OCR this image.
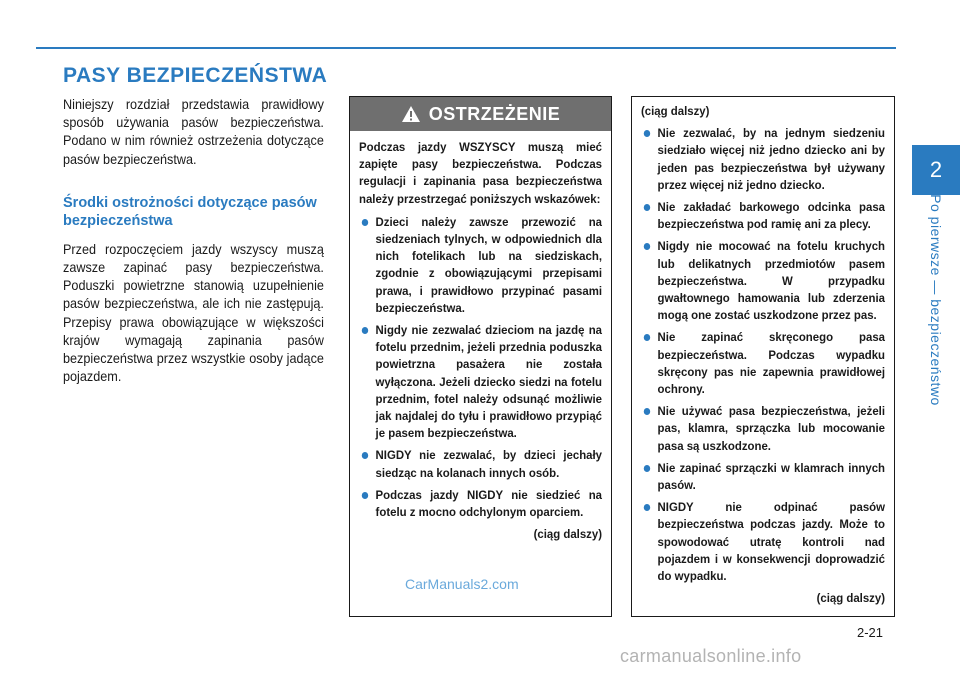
2
Po pierwsze — bezpieczeństwo
PASY BEZPIECZEŃSTWA

Niniejszy rozdział przedstawia prawidłowy sposób używania pasów bezpieczeństwa. Podano w nim również ostrzeżenia dotyczące pasów bezpieczeństwa.

Środki ostrożności dotyczące pasów bezpieczeństwa

Przed rozpoczęciem jazdy wszyscy muszą zawsze zapinać pasy bezpieczeństwa. Poduszki powietrzne stanowią uzupełnienie pasów bezpieczeństwa, ale ich nie zastępują. Przepisy prawa obowiązujące w większości krajów wymagają zapinania pasów bezpieczeństwa przez wszystkie osoby jadące pojazdem.

OSTRZEŻENIE

Podczas jazdy WSZYSCY muszą mieć zapięte pasy bezpieczeństwa. Podczas regulacji i zapinania pasa bezpieczeństwa należy przestrzegać poniższych wskazówek:

Dzieci należy zawsze przewozić na siedzeniach tylnych, w odpowiednich dla nich fotelikach lub na siedziskach, zgodnie z obowiązującymi przepisami prawa, i prawidłowo przypinać pasami bezpieczeństwa.
Nigdy nie zezwalać dzieciom na jazdę na fotelu przednim, jeżeli przednia poduszka powietrzna pasażera nie została wyłączona. Jeżeli dziecko siedzi na fotelu przednim, fotel należy odsunąć możliwie jak najdalej do tyłu i prawidłowo przypiąć je pasem bezpieczeństwa.
NIGDY nie zezwalać, by dzieci jechały siedząc na kolanach innych osób.
Podczas jazdy NIGDY nie siedzieć na fotelu z mocno odchylonym oparciem.
(ciąg dalszy)
(ciąg dalszy)
Nie zezwalać, by na jednym siedzeniu siedziało więcej niż jedno dziecko ani by jeden pas bezpieczeństwa był używany przez więcej niż jedno dziecko.
Nie zakładać barkowego odcinka pasa bezpieczeństwa pod ramię ani za plecy.
Nigdy nie mocować na fotelu kruchych lub delikatnych przedmiotów pasem bezpieczeństwa. W przypadku gwałtownego hamowania lub zderzenia mogą one zostać uszkodzone przez pas.
Nie zapinać skręconego pasa bezpieczeństwa. Podczas wypadku skręcony pas nie zapewnia prawidłowej ochrony.
Nie używać pasa bezpieczeństwa, jeżeli pas, klamra, sprzączka lub mocowanie pasa są uszkodzone.
Nie zapinać sprzączki w klamrach innych pasów.
NIGDY nie odpinać pasów bezpieczeństwa podczas jazdy. Może to spowodować utratę kontroli nad pojazdem i w konsekwencji doprowadzić do wypadku.
(ciąg dalszy)
CarManuals2.com
2-21
carmanualsonline.info
